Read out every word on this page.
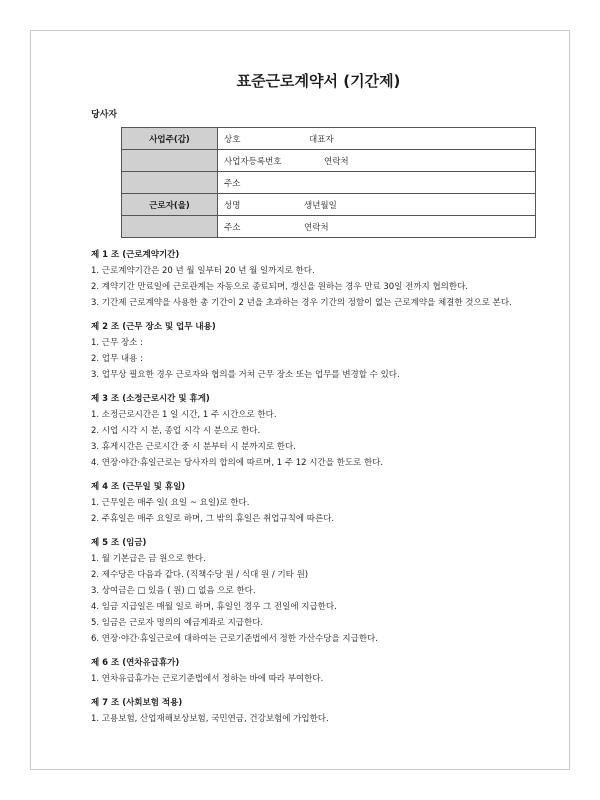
표준근로계약서 (기간제)
당사자
사업주(갑)	상호 대표자
	사업자등록번호 연락처
	주소
근로자(을)	성명 생년월일
	주소 연락처
제 1 조 (근로계약기간)
1. 근로계약기간은 20 년 월 일부터 20 년 월 일까지로 한다.
2. 계약기간 만료일에 근로관계는 자동으로 종료되며, 갱신을 원하는 경우 만료 30일 전까지 협의한다.
3. 기간제 근로계약을 사용한 총 기간이 2 년을 초과하는 경우 기간의 정함이 없는 근로계약을 체결한 것으로 본다.
제 2 조 (근무 장소 및 업무 내용)
1. 근무 장소 :
2. 업무 내용 :
3. 업무상 필요한 경우 근로자와 협의를 거쳐 근무 장소 또는 업무를 변경할 수 있다.
제 3 조 (소정근로시간 및 휴게)
1. 소정근로시간은 1 일 시간, 1 주 시간으로 한다.
2. 시업 시각 시 분, 종업 시각 시 분으로 한다.
3. 휴게시간은 근로시간 중 시 분부터 시 분까지로 한다.
4. 연장·야간·휴일근로는 당사자의 합의에 따르며, 1 주 12 시간을 한도로 한다.
제 4 조 (근무일 및 휴일)
1. 근무일은 매주 일( 요일 ~ 요일)로 한다.
2. 주휴일은 매주 요일로 하며, 그 밖의 휴일은 취업규칙에 따른다.
제 5 조 (임금)
1. 월 기본급은 금 원으로 한다.
2. 제수당은 다음과 같다. (직책수당 원 / 식대 원 / 기타 원)
3. 상여금은 □ 있음 ( 원) □ 없음 으로 한다.
4. 임금 지급일은 매월 일로 하며, 휴일인 경우 그 전일에 지급한다.
5. 임금은 근로자 명의의 예금계좌로 지급한다.
6. 연장·야간·휴일근로에 대하여는 근로기준법에서 정한 가산수당을 지급한다.
제 6 조 (연차유급휴가)
1. 연차유급휴가는 근로기준법에서 정하는 바에 따라 부여한다.
제 7 조 (사회보험 적용)
1. 고용보험, 산업재해보상보험, 국민연금, 건강보험에 가입한다.
